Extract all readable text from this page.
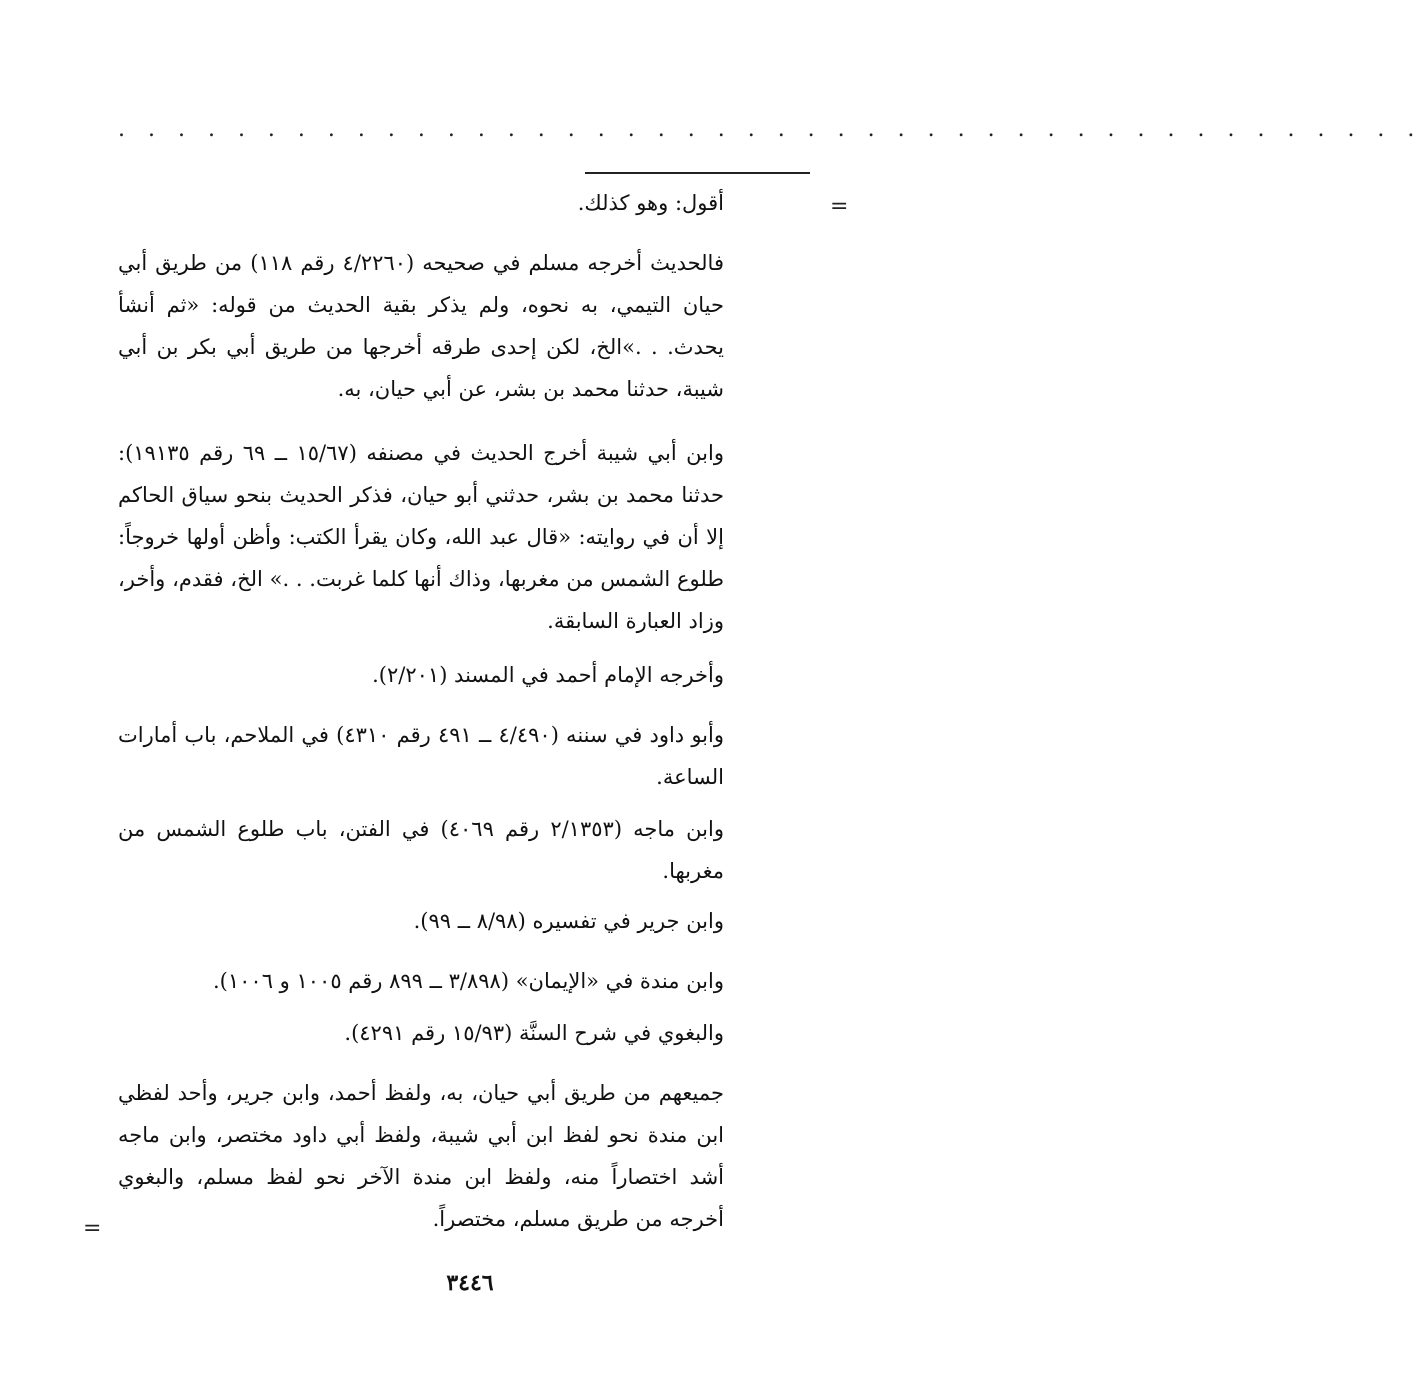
. . . . . . . . . . . . . . . . . . . . . . . . . . . . . . . . . . . . . . . . . . . .
=

أقول: وهو كذلك.

فالحديث أخرجه مسلم في صحيحه (٤/٢٢٦٠ رقم ١١٨) من طريق أبي حيان التيمي، به نحوه، ولم يذكر بقية الحديث من قوله: «ثم أنشأ يحدث. . .»الخ، لكن إحدى طرقه أخرجها من طريق أبي بكر بن أبي شيبة، حدثنا محمد بن بشر، عن أبي حيان، به.

وابن أبي شيبة أخرج الحديث في مصنفه (١٥/٦٧ ــ ٦٩ رقم ١٩١٣٥): حدثنا محمد بن بشر، حدثني أبو حيان، فذكر الحديث بنحو سياق الحاكم إلا أن في روايته: «قال عبد الله، وكان يقرأ الكتب: وأظن أولها خروجاً: طلوع الشمس من مغربها، وذاك أنها كلما غربت. . .» الخ، فقدم، وأخر، وزاد العبارة السابقة.

وأخرجه الإمام أحمد في المسند (٢/٢٠١).

وأبو داود في سننه (٤/٤٩٠ ــ ٤٩١ رقم ٤٣١٠) في الملاحم، باب أمارات الساعة.

وابن ماجه (٢/١٣٥٣ رقم ٤٠٦٩) في الفتن، باب طلوع الشمس من مغربها.

وابن جرير في تفسيره (٨/٩٨ ــ ٩٩).

وابن مندة في «الإيمان» (٣/٨٩٨ ــ ٨٩٩ رقم ١٠٠٥ و ١٠٠٦).

والبغوي في شرح السنَّة (١٥/٩٣ رقم ٤٢٩١).

جميعهم من طريق أبي حيان، به، ولفظ أحمد، وابن جرير، وأحد لفظي ابن مندة نحو لفظ ابن أبي شيبة، ولفظ أبي داود مختصر، وابن ماجه أشد اختصاراً منه، ولفظ ابن مندة الآخر نحو لفظ مسلم، والبغوي أخرجه من طريق مسلم، مختصراً.

=
٣٤٤٦
